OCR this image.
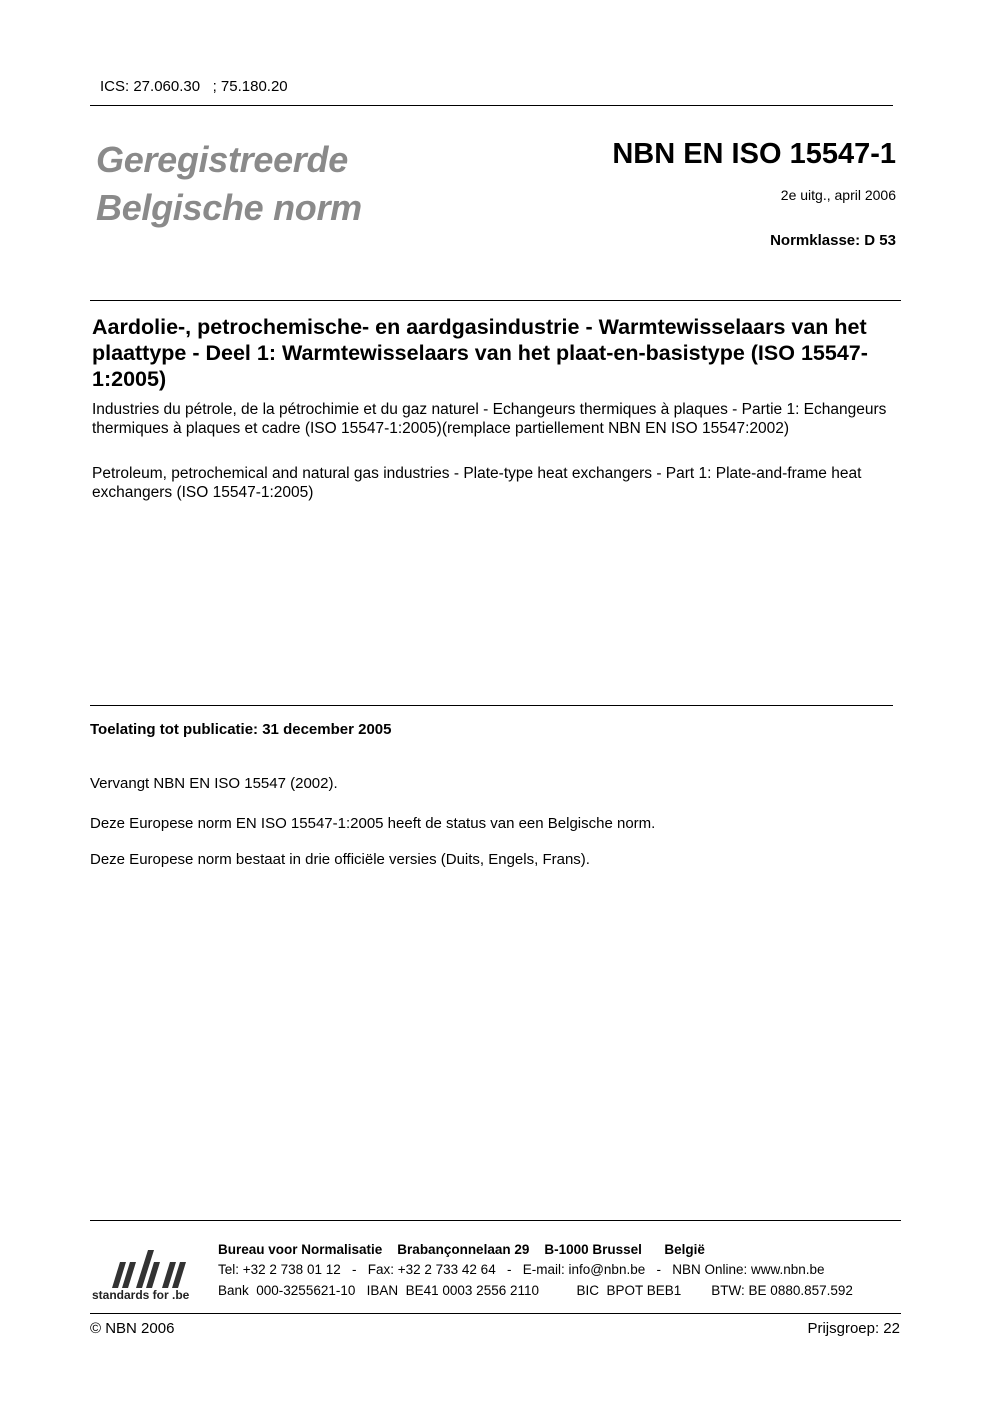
ICS: 27.060.30   ; 75.180.20
Geregistreerde
Belgische norm
NBN EN ISO 15547-1
2e uitg., april 2006
Normklasse: D 53
Aardolie-, petrochemische- en aardgasindustrie - Warmtewisselaars van het plaattype - Deel 1: Warmtewisselaars van het plaat-en-basistype (ISO 15547-1:2005)
Industries du pétrole, de la pétrochimie et du gaz naturel - Echangeurs thermiques à plaques - Partie 1: Echangeurs thermiques à plaques et cadre (ISO 15547-1:2005)(remplace partiellement NBN EN ISO 15547:2002)
Petroleum, petrochemical and natural gas industries - Plate-type heat exchangers - Part 1: Plate-and-frame heat exchangers (ISO 15547-1:2005)
Toelating tot publicatie: 31 december 2005
Vervangt NBN EN ISO 15547 (2002).
Deze Europese norm EN ISO 15547-1:2005 heeft de status van een Belgische norm.
Deze Europese norm bestaat in drie officiële versies (Duits, Engels, Frans).
standards for .be
Bureau voor Normalisatie    Brabançonnelaan 29    B-1000 Brussel      België
Tel: +32 2 738 01 12   -   Fax: +32 2 733 42 64   -   E-mail: info@nbn.be   -   NBN Online: www.nbn.be
Bank  000-3255621-10   IBAN  BE41 0003 2556 2110          BIC  BPOT BEB1        BTW: BE 0880.857.592
© NBN 2006	Prijsgroep: 22
